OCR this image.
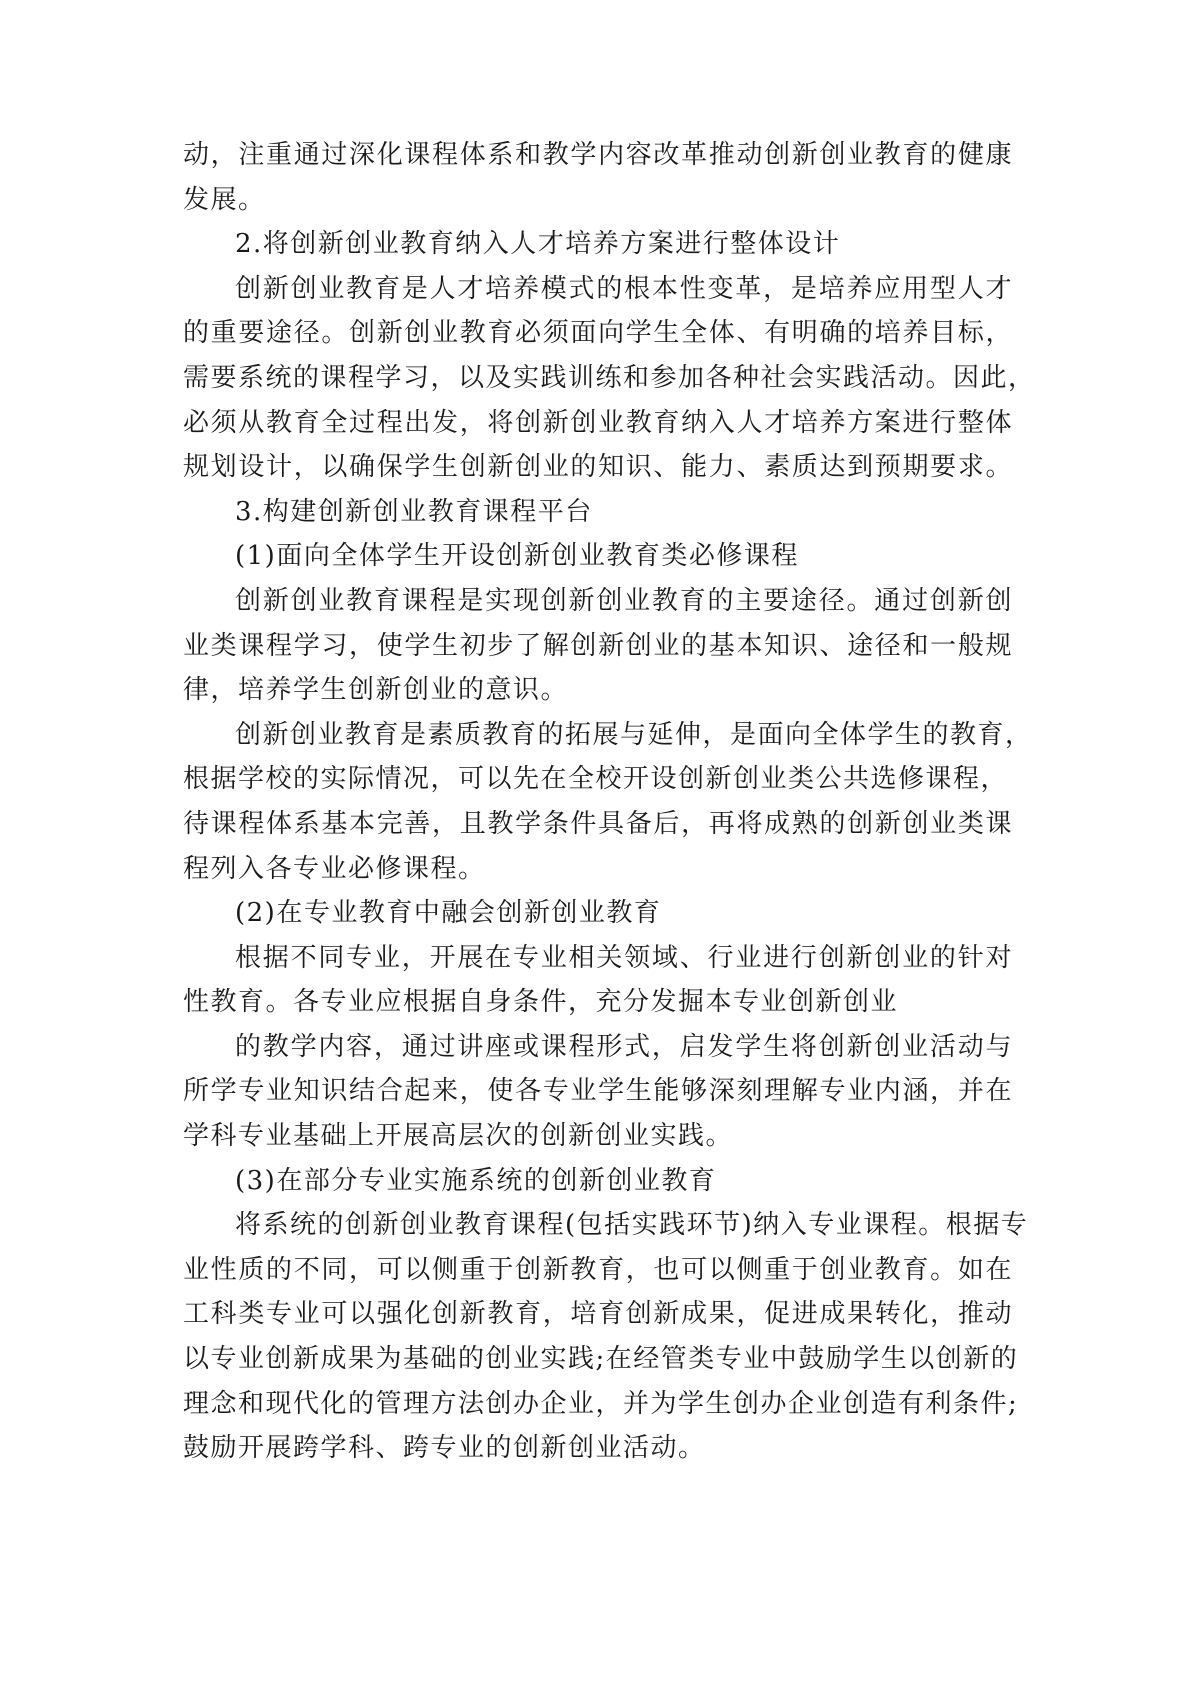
动，注重通过深化课程体系和教学内容改革推动创新创业教育的健康
发展。
2.将创新创业教育纳入人才培养方案进行整体设计
创新创业教育是人才培养模式的根本性变革，是培养应用型人才
的重要途径。创新创业教育必须面向学生全体、有明确的培养目标，
需要系统的课程学习，以及实践训练和参加各种社会实践活动。因此，
必须从教育全过程出发，将创新创业教育纳入人才培养方案进行整体
规划设计，以确保学生创新创业的知识、能力、素质达到预期要求。
3.构建创新创业教育课程平台
(1)面向全体学生开设创新创业教育类必修课程
创新创业教育课程是实现创新创业教育的主要途径。通过创新创
业类课程学习，使学生初步了解创新创业的基本知识、途径和一般规
律，培养学生创新创业的意识。
创新创业教育是素质教育的拓展与延伸，是面向全体学生的教育，
根据学校的实际情况，可以先在全校开设创新创业类公共选修课程，
待课程体系基本完善，且教学条件具备后，再将成熟的创新创业类课
程列入各专业必修课程。
(2)在专业教育中融会创新创业教育
根据不同专业，开展在专业相关领域、行业进行创新创业的针对
性教育。各专业应根据自身条件，充分发掘本专业创新创业
的教学内容，通过讲座或课程形式，启发学生将创新创业活动与
所学专业知识结合起来，使各专业学生能够深刻理解专业内涵，并在
学科专业基础上开展高层次的创新创业实践。
(3)在部分专业实施系统的创新创业教育
将系统的创新创业教育课程(包括实践环节)纳入专业课程。根据专
业性质的不同，可以侧重于创新教育，也可以侧重于创业教育。如在
工科类专业可以强化创新教育，培育创新成果，促进成果转化，推动
以专业创新成果为基础的创业实践;在经管类专业中鼓励学生以创新的
理念和现代化的管理方法创办企业，并为学生创办企业创造有利条件;
鼓励开展跨学科、跨专业的创新创业活动。
